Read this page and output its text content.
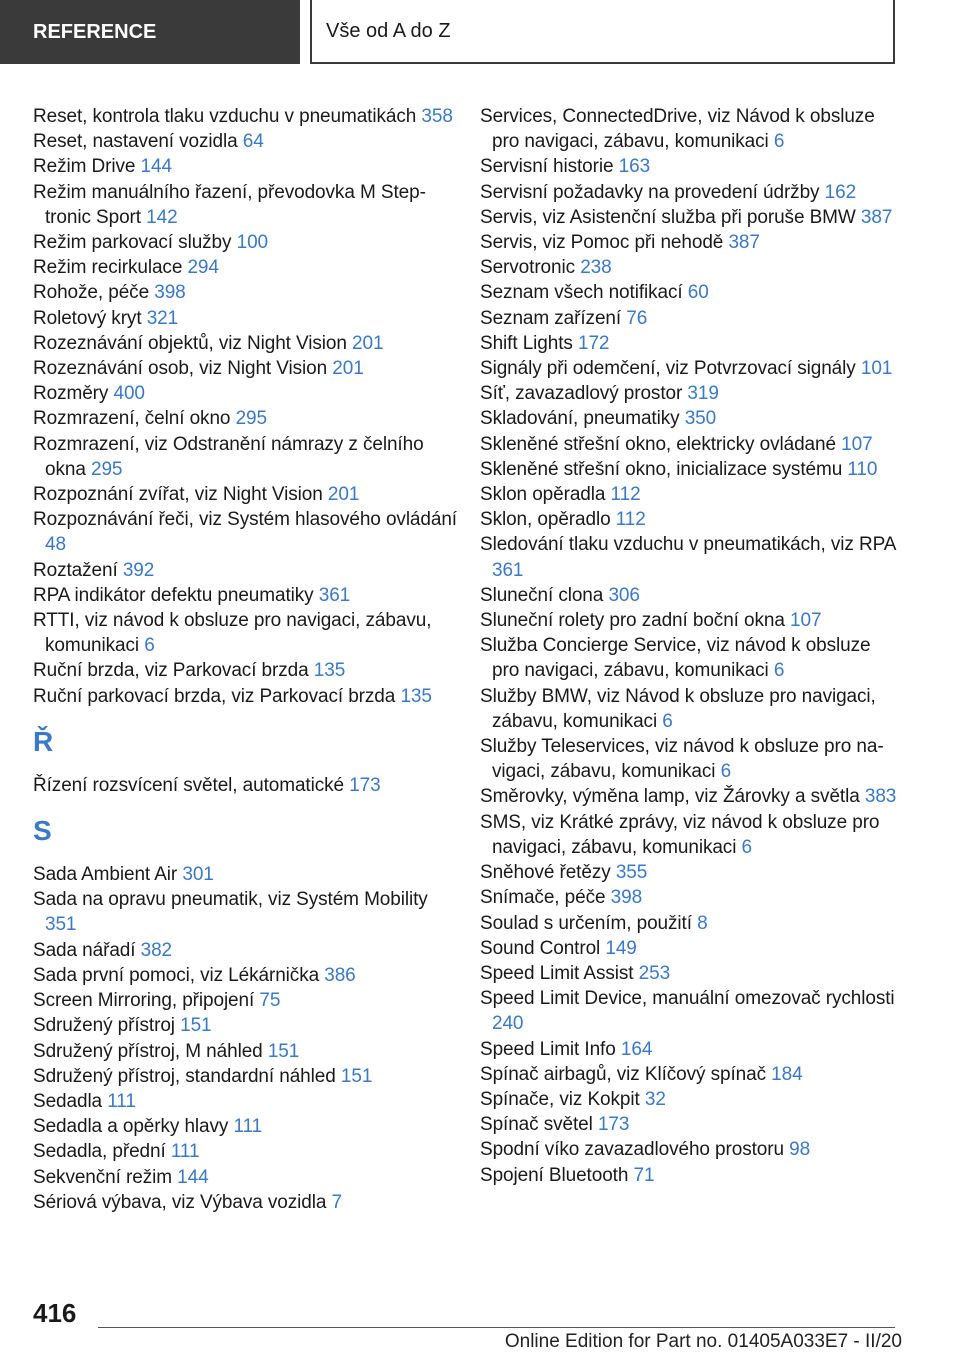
REFERENCE	Vše od A do Z
Reset, kontrola tlaku vzduchu v pneumatikách 358
Reset, nastavení vozidla 64
Režim Drive 144
Režim manuálního řazení, převodovka M Steptronic Sport 142
Režim parkovací služby 100
Režim recirkulace 294
Rohože, péče 398
Roletový kryt 321
Rozeznávání objektů, viz Night Vision 201
Rozeznávání osob, viz Night Vision 201
Rozměry 400
Rozmrazení, čelní okno 295
Rozmrazení, viz Odstranění námrazy z čelního okna 295
Rozpoznání zvířat, viz Night Vision 201
Rozpoznávání řeči, viz Systém hlasového ovládání 48
Roztažení 392
RPA indikátor defektu pneumatiky 361
RTTI, viz návod k obsluze pro navigaci, zábavu, komunikaci 6
Ruční brzda, viz Parkovací brzda 135
Ruční parkovací brzda, viz Parkovací brzda 135
Ř
Řízení rozsvícení světel, automatické 173
S
Sada Ambient Air 301
Sada na opravu pneumatik, viz Systém Mobility 351
Sada nářadí 382
Sada první pomoci, viz Lékárnička 386
Screen Mirroring, připojení 75
Sdružený přístroj 151
Sdružený přístroj, M náhled 151
Sdružený přístroj, standardní náhled 151
Sedadla 111
Sedadla a opěrky hlavy 111
Sedadla, přední 111
Sekvenční režim 144
Sériová výbava, viz Výbava vozidla 7
Services, ConnectedDrive, viz Návod k obsluze pro navigaci, zábavu, komunikaci 6
Servisní historie 163
Servisní požadavky na provedení údržby 162
Servis, viz Asistenční služba při poruše BMW 387
Servis, viz Pomoc při nehodě 387
Servotronic 238
Seznam všech notifikací 60
Seznam zařízení 76
Shift Lights 172
Signály při odemčení, viz Potvrzovací signály 101
Síť, zavazadlový prostor 319
Skladování, pneumatiky 350
Skleněné střešní okno, elektricky ovládané 107
Skleněné střešní okno, inicializace systému 110
Sklon opěradla 112
Sklon, opěradlo 112
Sledování tlaku vzduchu v pneumatikách, viz RPA 361
Sluneční clona 306
Sluneční rolety pro zadní boční okna 107
Služba Concierge Service, viz návod k obsluze pro navigaci, zábavu, komunikaci 6
Služby BMW, viz Návod k obsluze pro navigaci, zábavu, komunikaci 6
Služby Teleservices, viz návod k obsluze pro navigaci, zábavu, komunikaci 6
Směrovky, výměna lamp, viz Žárovky a světla 383
SMS, viz Krátké zprávy, viz návod k obsluze pro navigaci, zábavu, komunikaci 6
Sněhové řetězy 355
Snímače, péče 398
Soulad s určením, použití 8
Sound Control 149
Speed Limit Assist 253
Speed Limit Device, manuální omezovač rychlosti 240
Speed Limit Info 164
Spínač airbagů, viz Klíčový spínač 184
Spínače, viz Kokpit 32
Spínač světel 173
Spodní víko zavazadlového prostoru 98
Spojení Bluetooth 71
416
Online Edition for Part no. 01405A033E7 - II/20
